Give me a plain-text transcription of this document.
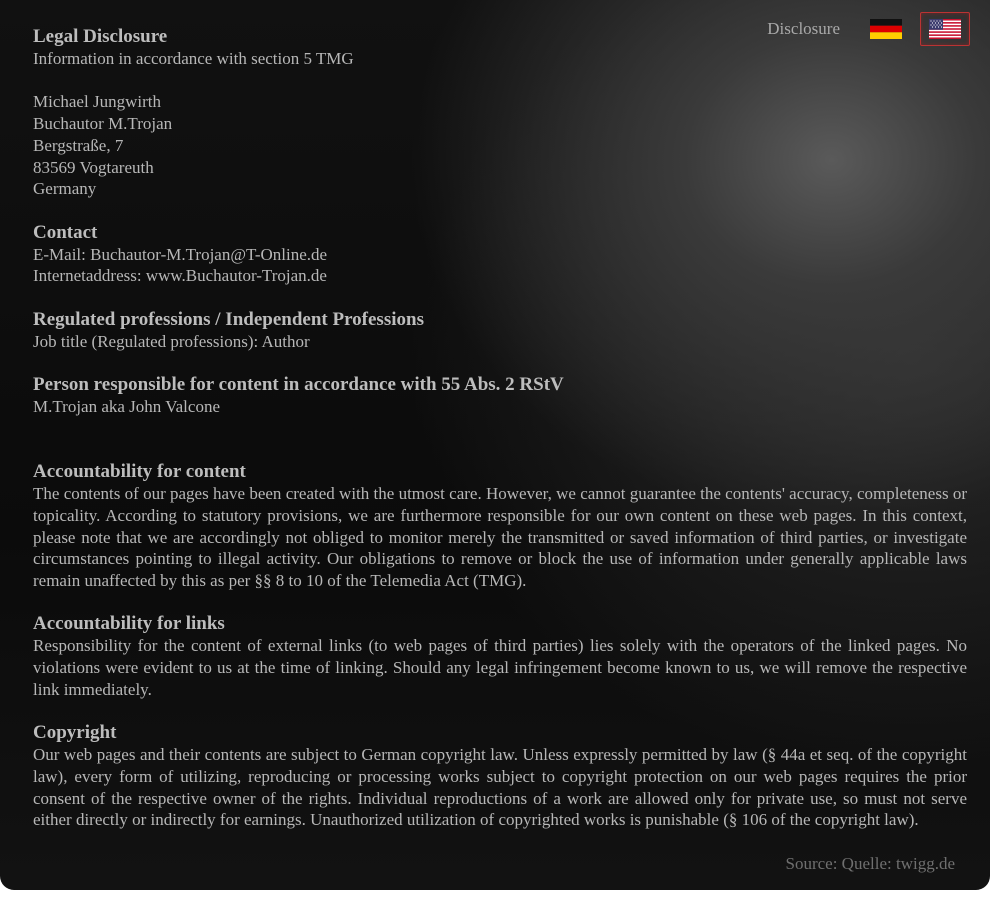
Disclosure
Legal Disclosure

Information in accordance with section 5 TMG

Michael Jungwirth

Buchautor M.Trojan

Bergstraße, 7

83569 Vogtareuth

Germany

Contact

E-Mail: Buchautor-M.Trojan@T-Online.de

Internetaddress: www.Buchautor-Trojan.de

Regulated professions / Independent Professions

Job title (Regulated professions): Author

Person responsible for content in accordance with 55 Abs. 2 RStV

M.Trojan aka John Valcone

Accountability for content

The contents of our pages have been created with the utmost care. However, we cannot guarantee the contents' accuracy, completeness or topicality. According to statutory provisions, we are furthermore responsible for our own content on these web pages. In this context, please note that we are accordingly not obliged to monitor merely the transmitted or saved information of third parties, or investigate circumstances pointing to illegal activity. Our obligations to remove or block the use of information under generally applicable laws remain unaffected by this as per §§ 8 to 10 of the Telemedia Act (TMG).

Accountability for links

Responsibility for the content of external links (to web pages of third parties) lies solely with the operators of the linked pages. No violations were evident to us at the time of linking. Should any legal infringement become known to us, we will remove the respective link immediately.

Copyright

Our web pages and their contents are subject to German copyright law. Unless expressly permitted by law (§ 44a et seq. of the copyright law), every form of utilizing, reproducing or processing works subject to copyright protection on our web pages requires the prior consent of the respective owner of the rights. Individual reproductions of a work are allowed only for private use, so must not serve either directly or indirectly for earnings. Unauthorized utilization of copyrighted works is punishable (§ 106 of the copyright law).

Source: Quelle: twigg.de
